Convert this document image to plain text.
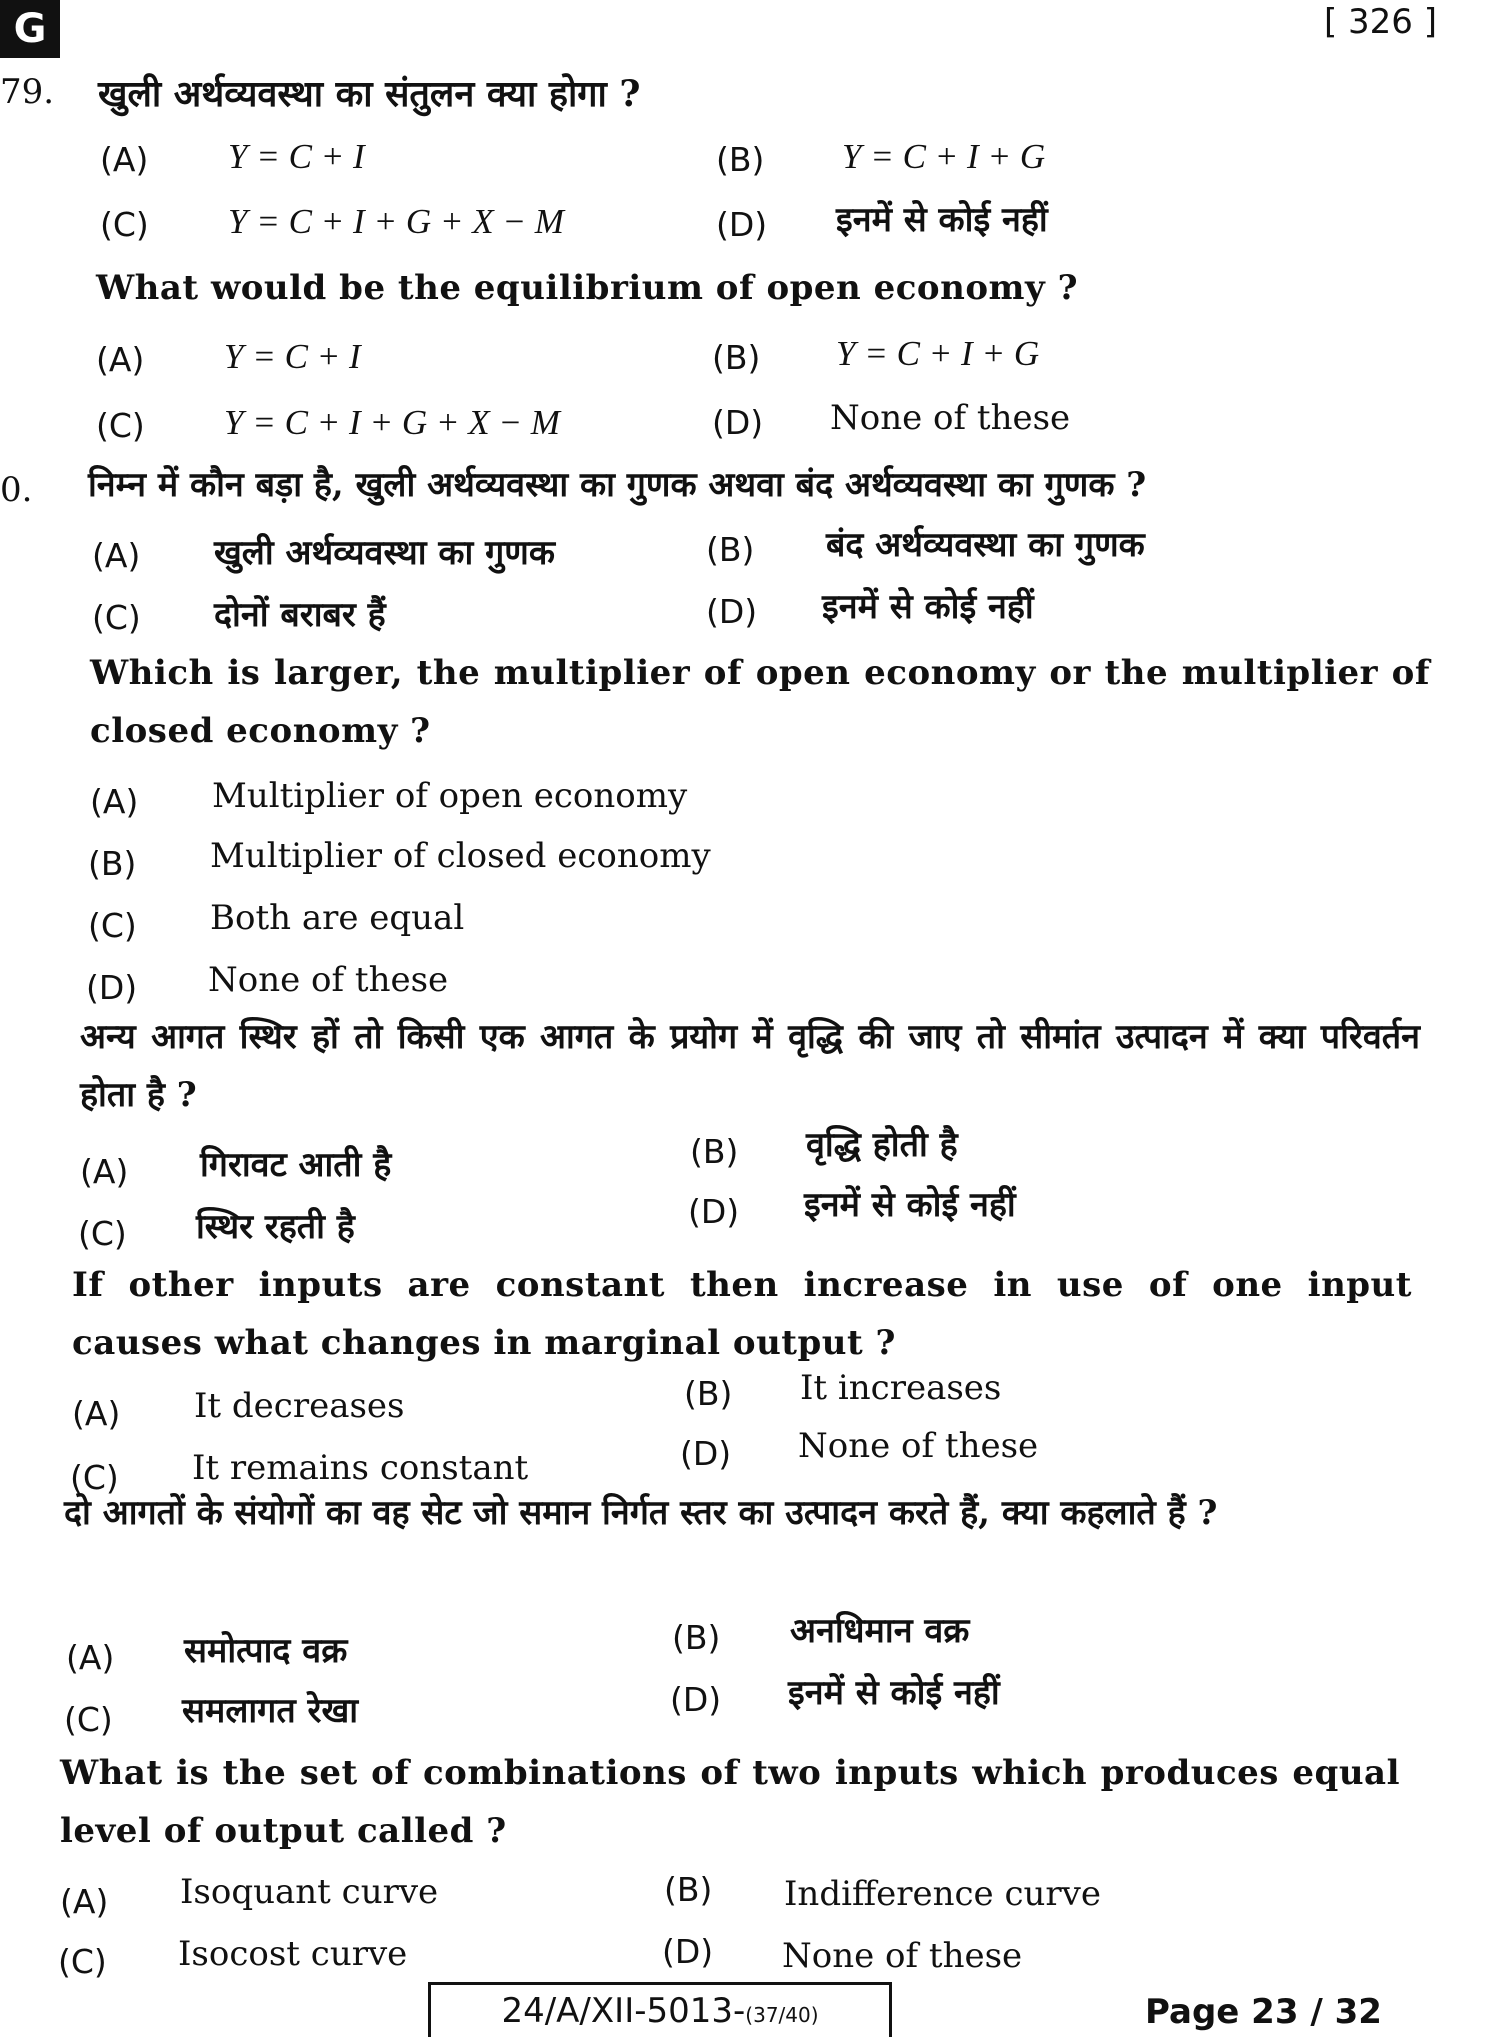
G	[ 326 ]
79. खुली अर्थव्यवस्था का संतुलन क्या होगा ?
(A) Y = C + I	(B) Y = C + I + G
(C) Y = C + I + G + X − M	(D) इनमें से कोई नहीं
What would be the equilibrium of open economy ?
(A) Y = C + I	(B) Y = C + I + G
(C) Y = C + I + G + X − M	(D) None of these
0. निम्न में कौन बड़ा है, खुली अर्थव्यवस्था का गुणक अथवा बंद अर्थव्यवस्था का गुणक ?
(A) खुली अर्थव्यवस्था का गुणक	(B) बंद अर्थव्यवस्था का गुणक
(C) दोनों बराबर हैं	(D) इनमें से कोई नहीं
Which is larger, the multiplier of open economy or the multiplier of closed economy ?
(A) Multiplier of open economy
(B) Multiplier of closed economy
(C) Both are equal
(D) None of these
अन्य आगत स्थिर हों तो किसी एक आगत के प्रयोग में वृद्धि की जाए तो सीमांत उत्पादन में क्या परिवर्तन होता है ?
(A) गिरावट आती है	(B) वृद्धि होती है
(C) स्थिर रहती है	(D) इनमें से कोई नहीं
If other inputs are constant then increase in use of one input causes what changes in marginal output ?
(A) It decreases	(B) It increases
(C) It remains constant	(D) None of these
दो आगतों के संयोगों का वह सेट जो समान निर्गत स्तर का उत्पादन करते हैं, क्या कहलाते हैं ?
(A) समोत्पाद वक्र	(B) अनधिमान वक्र
(C) समलागत रेखा	(D) इनमें से कोई नहीं
What is the set of combinations of two inputs which produces equal level of output called ?
(A) Isoquant curve	(B) Indifference curve
(C) Isocost curve	(D) None of these
24/A/XII-5013-(37/40)	Page 23 / 32
